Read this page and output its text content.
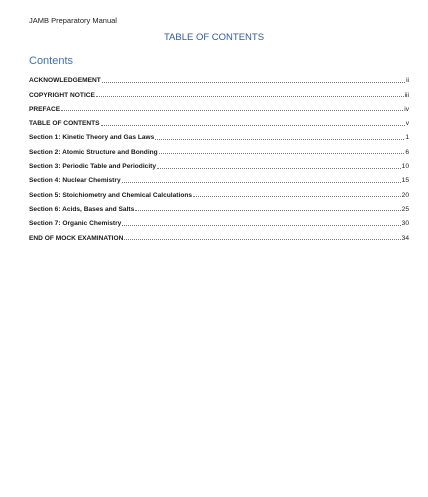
JAMB Preparatory Manual
TABLE OF CONTENTS
Contents
ACKNOWLEDGEMENT	ii
COPYRIGHT NOTICE	iii
PREFACE	iv
TABLE OF CONTENTS	v
Section 1: Kinetic Theory and Gas Laws	1
Section 2: Atomic Structure and Bonding	6
Section 3: Periodic Table and Periodicity	10
Section 4: Nuclear Chemistry	15
Section 5: Stoichiometry and Chemical Calculations	20
Section 6: Acids, Bases and Salts	25
Section 7: Organic Chemistry	30
END OF MOCK EXAMINATION	34
